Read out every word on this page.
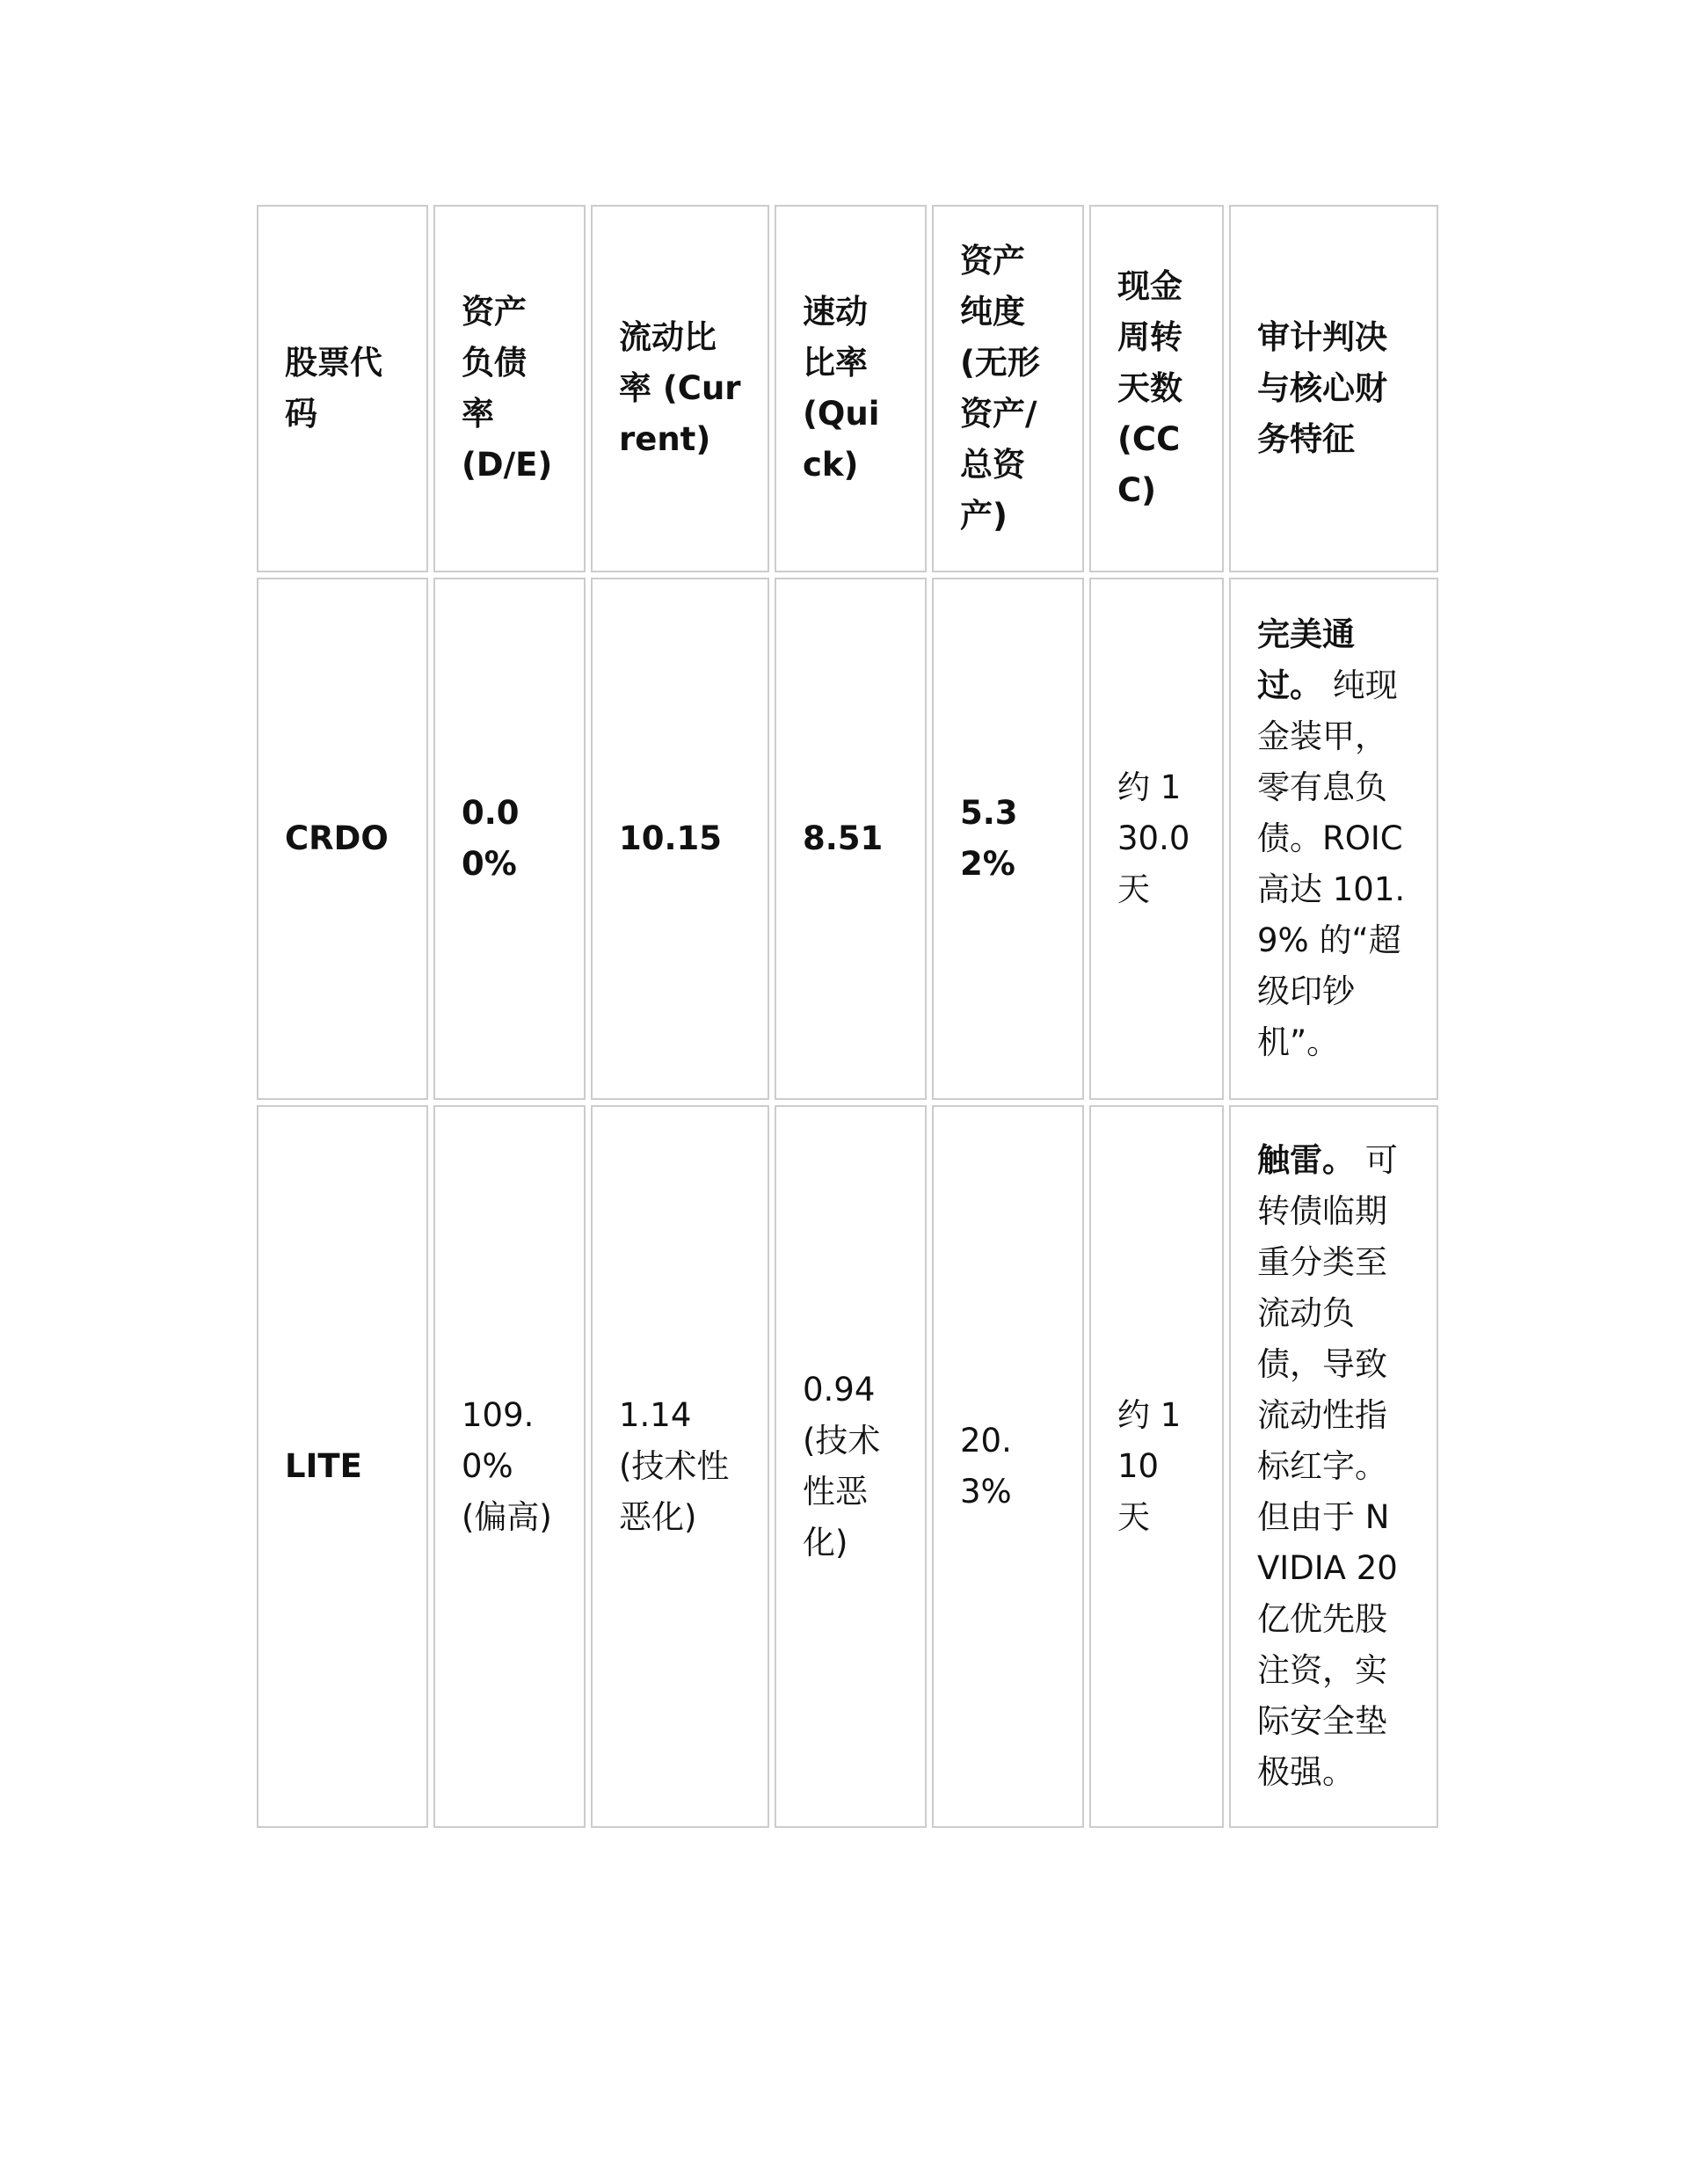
股票代码	资产负债率 (D/E)	流动比率 (Current)	速动比率 (Quick)	资产纯度 (无形资产/总资产)	现金周转天数 (CCC)	审计判决与核心财务特征
CRDO	0.00%	10.15	8.51	5.32%	约 130.0 天	完美通过。 纯现金装甲，零有息负债。ROIC 高达 101.9% 的“超级印钞机”。
LITE	109.0% (偏高)	1.14 (技术性恶化)	0.94 (技术性恶化)	20.3%	约 110 天	触雷。 可转债临期重分类至流动负债，导致流动性指标红字。但由于 NVIDIA 20 亿优先股注资，实际安全垫极强。
